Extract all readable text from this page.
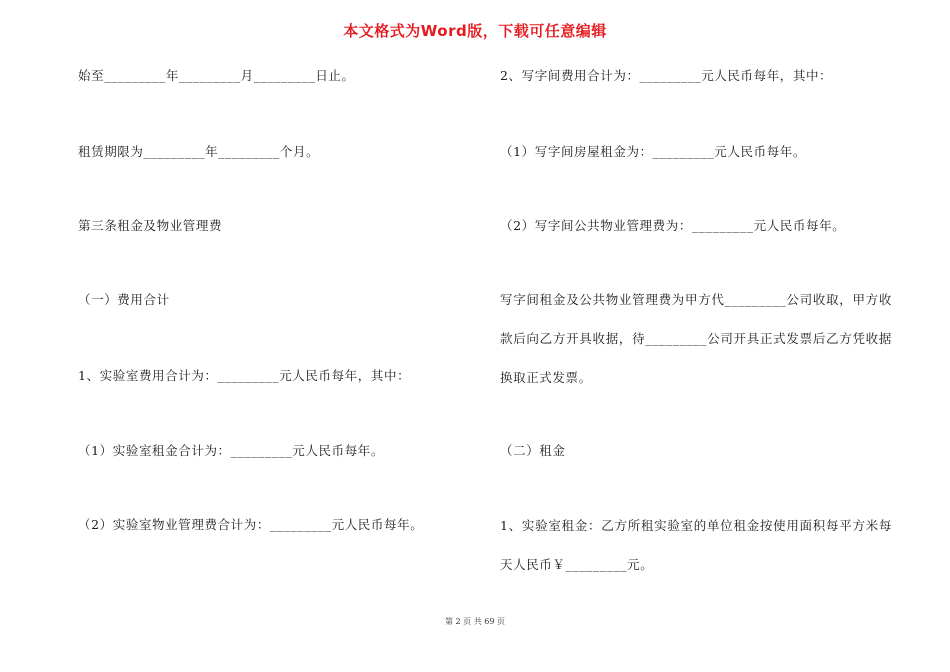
本文格式为Word版，下载可任意编辑
始至_________年_________月_________日止。
租赁期限为_________年_________个月。
第三条租金及物业管理费
（一）费用合计
1、实验室费用合计为：_________元人民币每年，其中：
（1）实验室租金合计为：_________元人民币每年。
（2）实验室物业管理费合计为：_________元人民币每年。
2、写字间费用合计为：_________元人民币每年，其中：
（1）写字间房屋租金为：_________元人民币每年。
（2）写字间公共物业管理费为：_________元人民币每年。
写字间租金及公共物业管理费为甲方代_________公司收取，甲方收款后向乙方开具收据，待_________公司开具正式发票后乙方凭收据换取正式发票。
（二）租金
1、实验室租金：乙方所租实验室的单位租金按使用面积每平方米每天人民币￥_________元。
第 2 页 共 69 页
